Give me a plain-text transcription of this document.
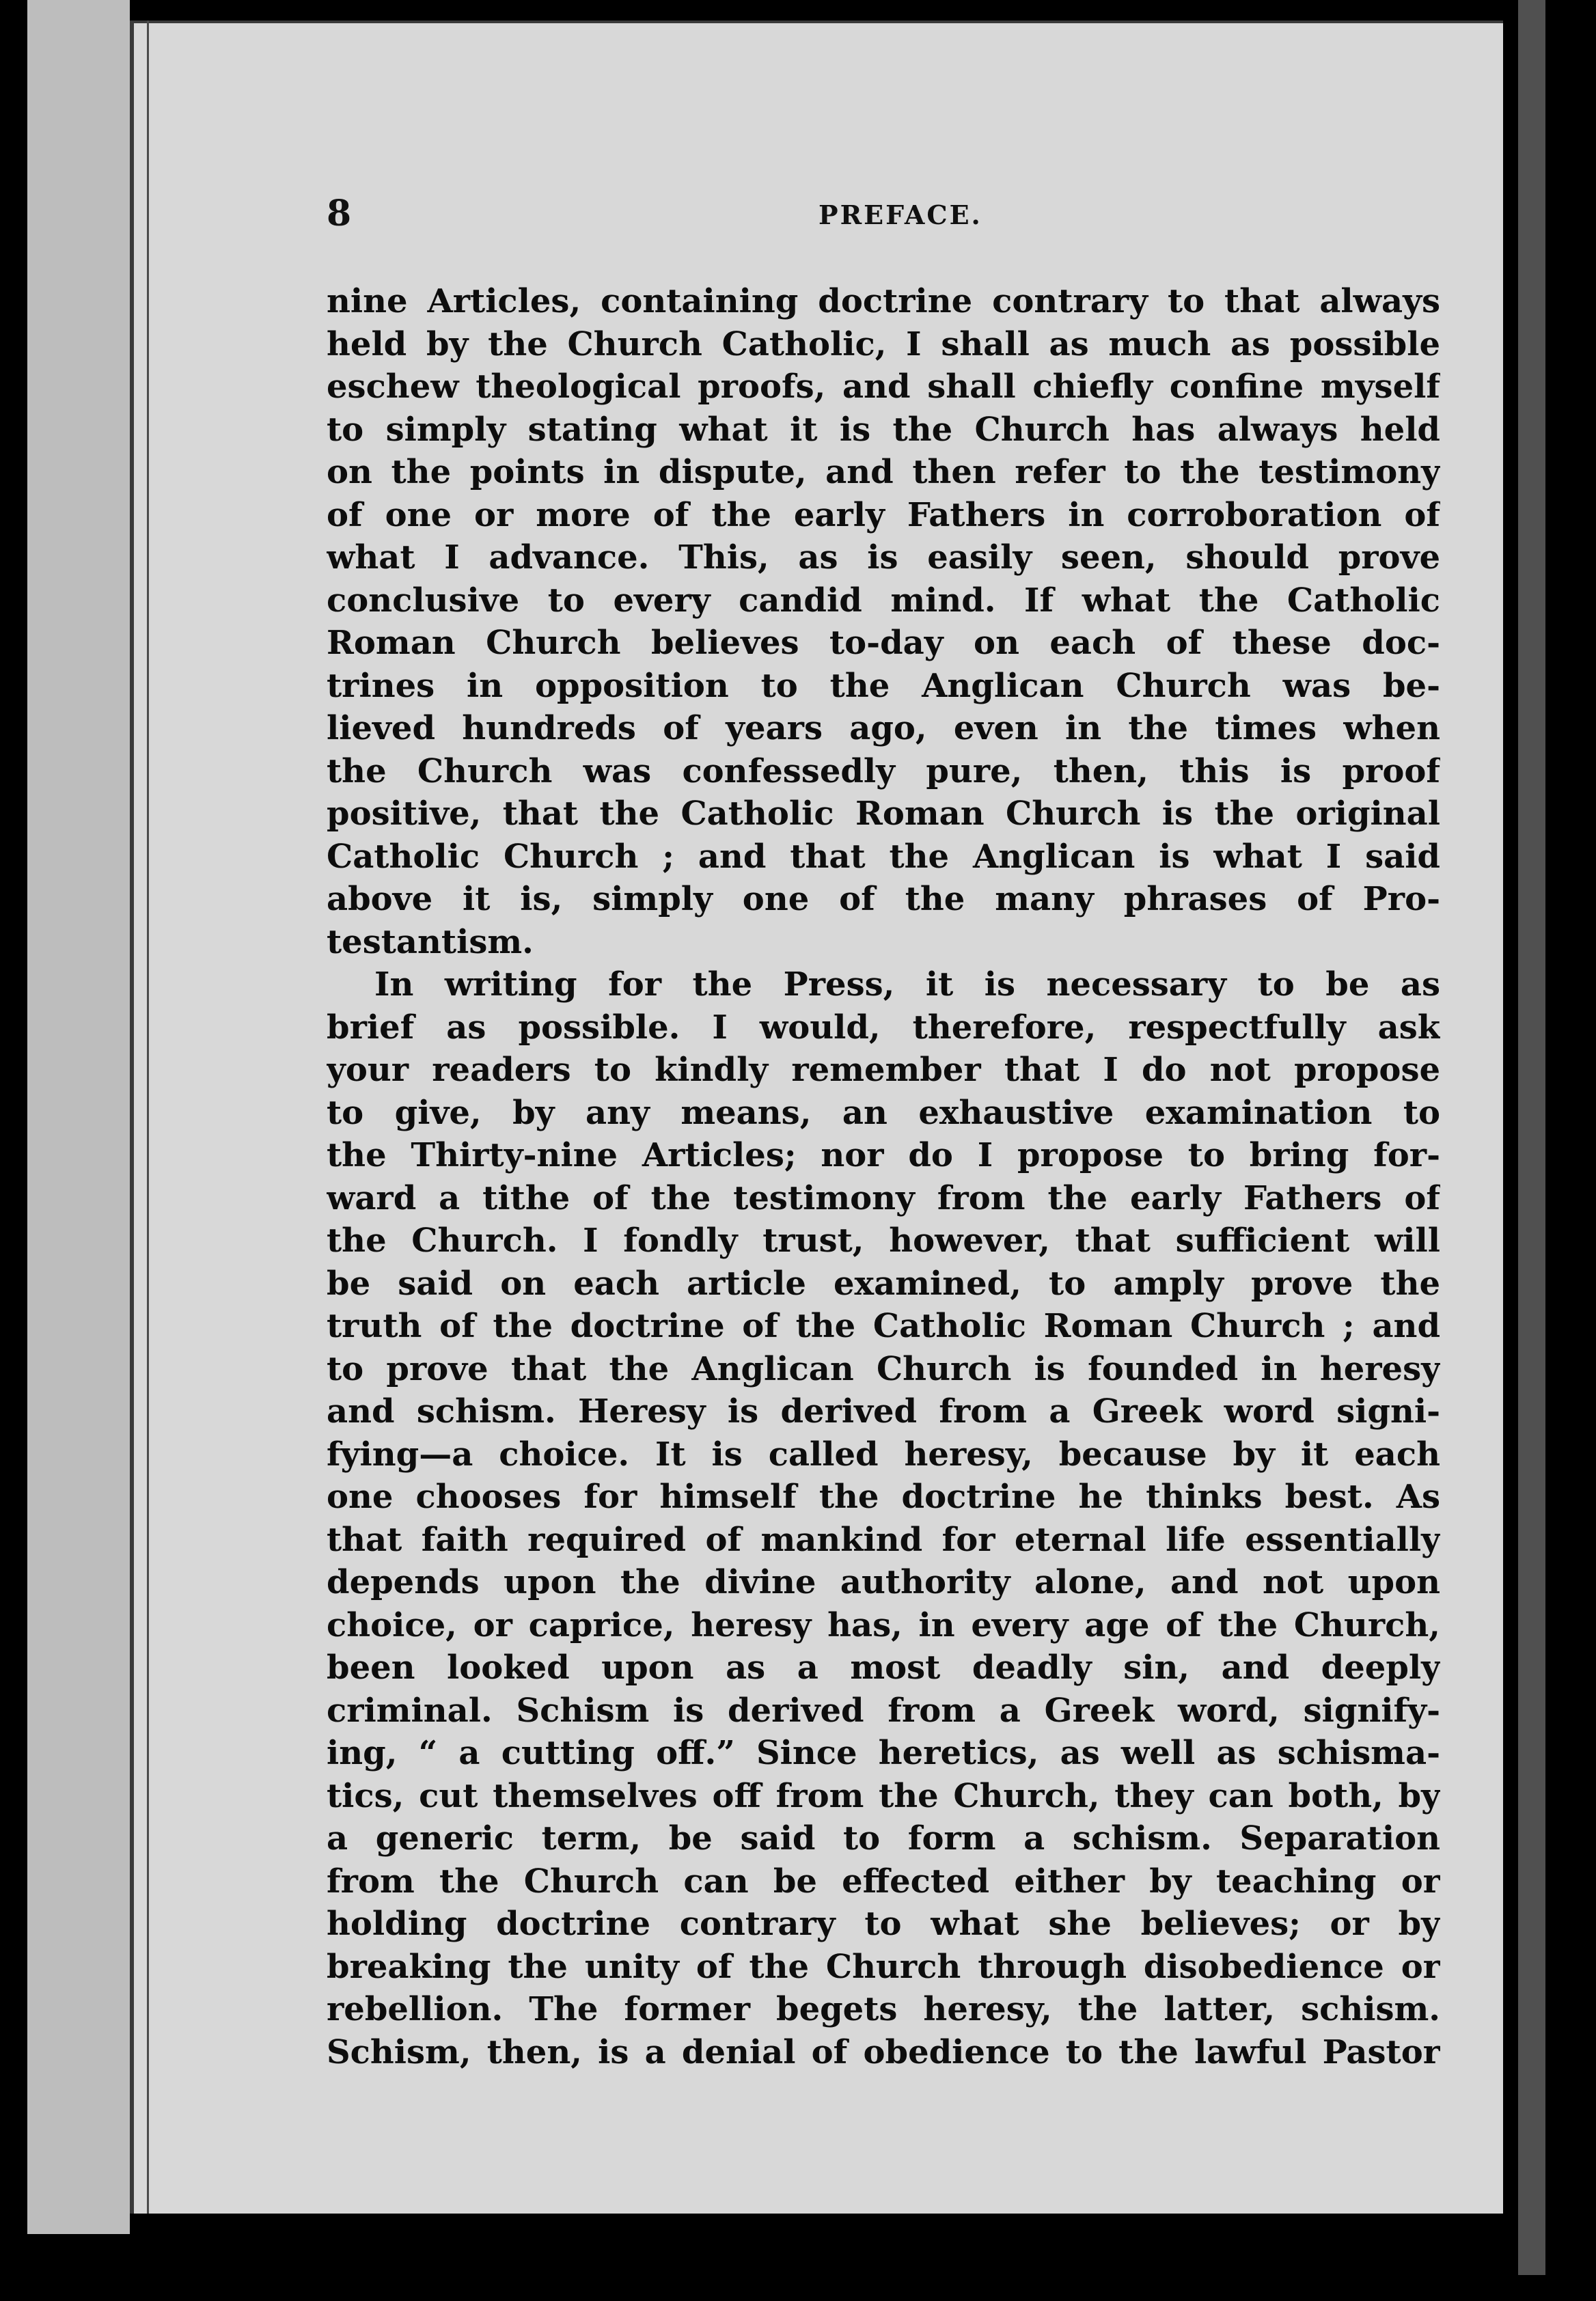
8	PREFACE.
nine Articles, containing doctrine contrary to that always
held by the Church Catholic, I shall as much as possible
eschew theological proofs, and shall chiefly confine myself
to simply stating what it is the Church has always held
on the points in dispute, and then refer to the testimony
of one or more of the early Fathers in corroboration of
what I advance. This, as is easily seen, should prove
conclusive to every candid mind. If what the Catholic
Roman Church believes to-day on each of these doc-
trines in opposition to the Anglican Church was be-
lieved hundreds of years ago, even in the times when
the Church was confessedly pure, then, this is proof
positive, that the Catholic Roman Church is the original
Catholic Church ; and that the Anglican is what I said
above it is, simply one of the many phrases of Pro-
testantism.
In writing for the Press, it is necessary to be as
brief as possible. I would, therefore, respectfully ask
your readers to kindly remember that I do not propose
to give, by any means, an exhaustive examination to
the Thirty-nine Articles; nor do I propose to bring for-
ward a tithe of the testimony from the early Fathers of
the Church. I fondly trust, however, that sufficient will
be said on each article examined, to amply prove the
truth of the doctrine of the Catholic Roman Church ; and
to prove that the Anglican Church is founded in heresy
and schism. Heresy is derived from a Greek word signi-
fying—a choice. It is called heresy, because by it each
one chooses for himself the doctrine he thinks best. As
that faith required of mankind for eternal life essentially
depends upon the divine authority alone, and not upon
choice, or caprice, heresy has, in every age of the Church,
been looked upon as a most deadly sin, and deeply
criminal. Schism is derived from a Greek word, signify-
ing, “ a cutting off.” Since heretics, as well as schisma-
tics, cut themselves off from the Church, they can both, by
a generic term, be said to form a schism. Separation
from the Church can be effected either by teaching or
holding doctrine contrary to what she believes; or by
breaking the unity of the Church through disobedience or
rebellion. The former begets heresy, the latter, schism.
Schism, then, is a denial of obedience to the lawful Pastor
